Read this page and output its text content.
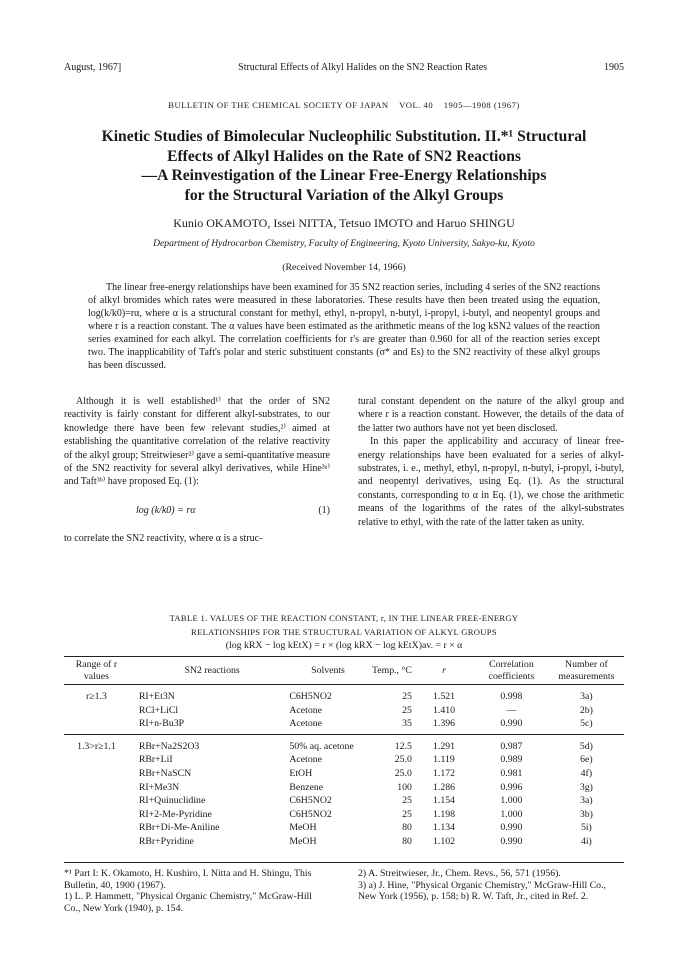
August, 1967]	Structural Effects of Alkyl Halides on the SN2 Reaction Rates	1905
BULLETIN OF THE CHEMICAL SOCIETY OF JAPAN    VOL. 40    1905—1908 (1967)
Kinetic Studies of Bimolecular Nucleophilic Substitution. II.*¹ Structural
Effects of Alkyl Halides on the Rate of SN2 Reactions
—A Reinvestigation of the Linear Free-Energy Relationships
for the Structural Variation of the Alkyl Groups
Kunio OKAMOTO, Issei NITTA, Tetsuo IMOTO and Haruo SHINGU
Department of Hydrocarbon Chemistry, Faculty of Engineering, Kyoto University, Sakyo-ku, Kyoto
(Received November 14, 1966)

The linear free-energy relationships have been examined for 35 SN2 reaction series, including 4 series of the SN2 reactions of alkyl bromides which rates were measured in these laboratories. These results have then been treated using the equation, log(k/k0)=rα, where α is a structural constant for methyl, ethyl, n-propyl, n-butyl, i-propyl, i-butyl, and neopentyl groups and where r is a reaction constant. The α values have been estimated as the arithmetic means of the log kSN2 values of the reaction series examined for each alkyl. The correlation coefficients for r's are greater than 0.960 for all of the reaction series except two. The inapplicability of Taft's polar and steric substituent constants (σ* and Es) to the SN2 reactivity of these alkyl groups has been discussed.

Although it is well established¹⁾ that the order of SN2 reactivity is fairly constant for different alkyl-substrates, to our knowledge there have been few relevant studies,²⁾ aimed at establishing the quantitative correlation of the relative reactivity of the alkyl group; Streitwieser²⁾ gave a semi-quantitative measure of the SN2 reactivity for several alkyl derivatives, while Hine³ᵃ⁾ and Taft³ᵇ⁾ have proposed Eq. (1):

log (k/k0) = rα	(1)

to correlate the SN2 reactivity, where α is a struc-

tural constant dependent on the nature of the alkyl group and where r is a reaction constant. However, the details of the data of the latter two authors have not yet been disclosed.

In this paper the applicability and accuracy of linear free-energy relationships have been evaluated for a series of alkyl-substrates, i. e., methyl, ethyl, n-propyl, n-butyl, i-propyl, i-butyl, and neopentyl derivatives, using Eq. (1). As the structural constants, corresponding to α in Eq. (1), we chose the arithmetic means of the logarithms of the rates of the alkyl-substrates relative to ethyl, with the rate of the latter taken as unity.

TABLE 1. VALUES OF THE REACTION CONSTANT, r, IN THE LINEAR FREE-ENERGY
RELATIONSHIPS FOR THE STRUCTURAL VARIATION OF ALKYL GROUPS
(log kRX − log kEtX) = r × (log kRX − log kEtX)av. = r × α
Range of r values	SN2 reactions	Solvents	Temp., °C	r	Correlation coefficients	Number of measurements
r≥1.3	RI+Et3N	C6H5NO2	25	1.521	0.998	3a)
	RCl+LiCl	Acetone	25	1.410	—	2b)
	RI+n-Bu3P	Acetone	35	1.396	0.990	5c)
1.3>r≥1.1	RBr+Na2S2O3	50% aq. acetone	12.5	1.291	0.987	5d)
	RBr+LiI	Acetone	25.0	1.119	0.989	6e)
	RBr+NaSCN	EtOH	25.0	1.172	0.981	4f)
	RI+Me3N	Benzene	100	1.286	0.996	3g)
	RI+Quinuclidine	C6H5NO2	25	1.154	1.000	3a)
	RI+2-Me-Pyridine	C6H5NO2	25	1.198	1.000	3b)
	RBr+Di-Me-Aniline	MeOH	80	1.134	0.990	5i)
	RBr+Pyridine	MeOH	80	1.102	0.990	4i)

*¹ Part I: K. Okamoto, H. Kushiro, I. Nitta and H. Shingu, This Bulletin, 40, 1900 (1967).

1) L. P. Hammett, "Physical Organic Chemistry," McGraw-Hill Co., New York (1940), p. 154.

2) A. Streitwieser, Jr., Chem. Revs., 56, 571 (1956).

3) a) J. Hine, "Physical Organic Chemistry," McGraw-Hill Co., New York (1956), p. 158; b) R. W. Taft, Jr., cited in Ref. 2.
